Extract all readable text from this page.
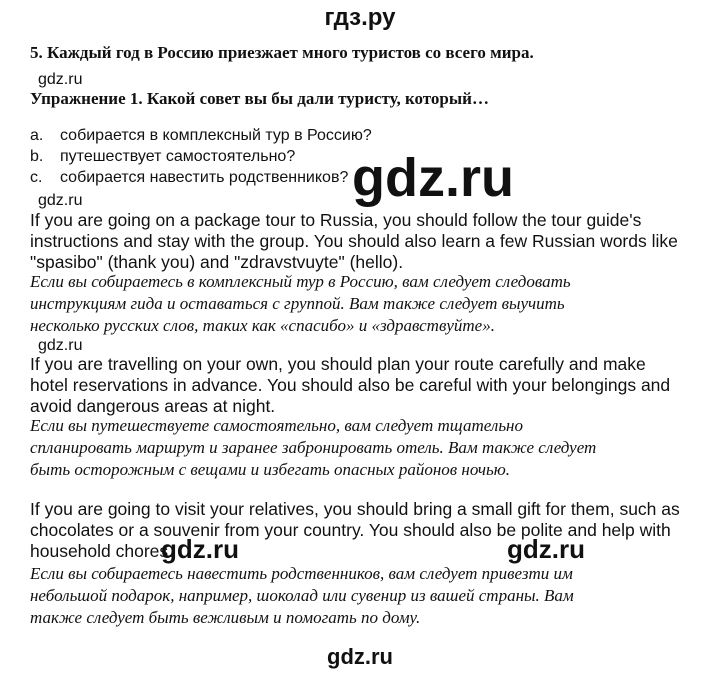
гдз.ру
5. Каждый год в Россию приезжает много туристов со всего мира.
gdz.ru
Упражнение 1. Какой совет вы бы дали туристу, который…
a. собирается в комплексный тур в Россию?
b. путешествует самостоятельно?
c. собирается навестить родственников?
gdz.ru	gdz.ru
If you are going on a package tour to Russia, you should follow the tour guide's
instructions and stay with the group. You should also learn a few Russian words like
"spasibo" (thank you) and "zdravstvuyte" (hello).
Если вы собираетесь в комплексный тур в Россию, вам следует следовать
инструкциям гида и оставаться с группой. Вам также следует выучить
несколько русских слов, таких как «спасибо» и «здравствуйте».
gdz.ru
If you are travelling on your own, you should plan your route carefully and make
hotel reservations in advance. You should also be careful with your belongings and
avoid dangerous areas at night.
Если вы путешествуете самостоятельно, вам следует тщательно
спланировать маршрут и заранее забронировать отель. Вам также следует
быть осторожным с вещами и избегать опасных районов ночью.
If you are going to visit your relatives, you should bring a small gift for them, such as
chocolates or a souvenir from your country. You should also be polite and help with
household chores.
gdz.ru	gdz.ru
Если вы собираетесь навестить родственников, вам следует привезти им
небольшой подарок, например, шоколад или сувенир из вашей страны. Вам
также следует быть вежливым и помогать по дому.
gdz.ru
